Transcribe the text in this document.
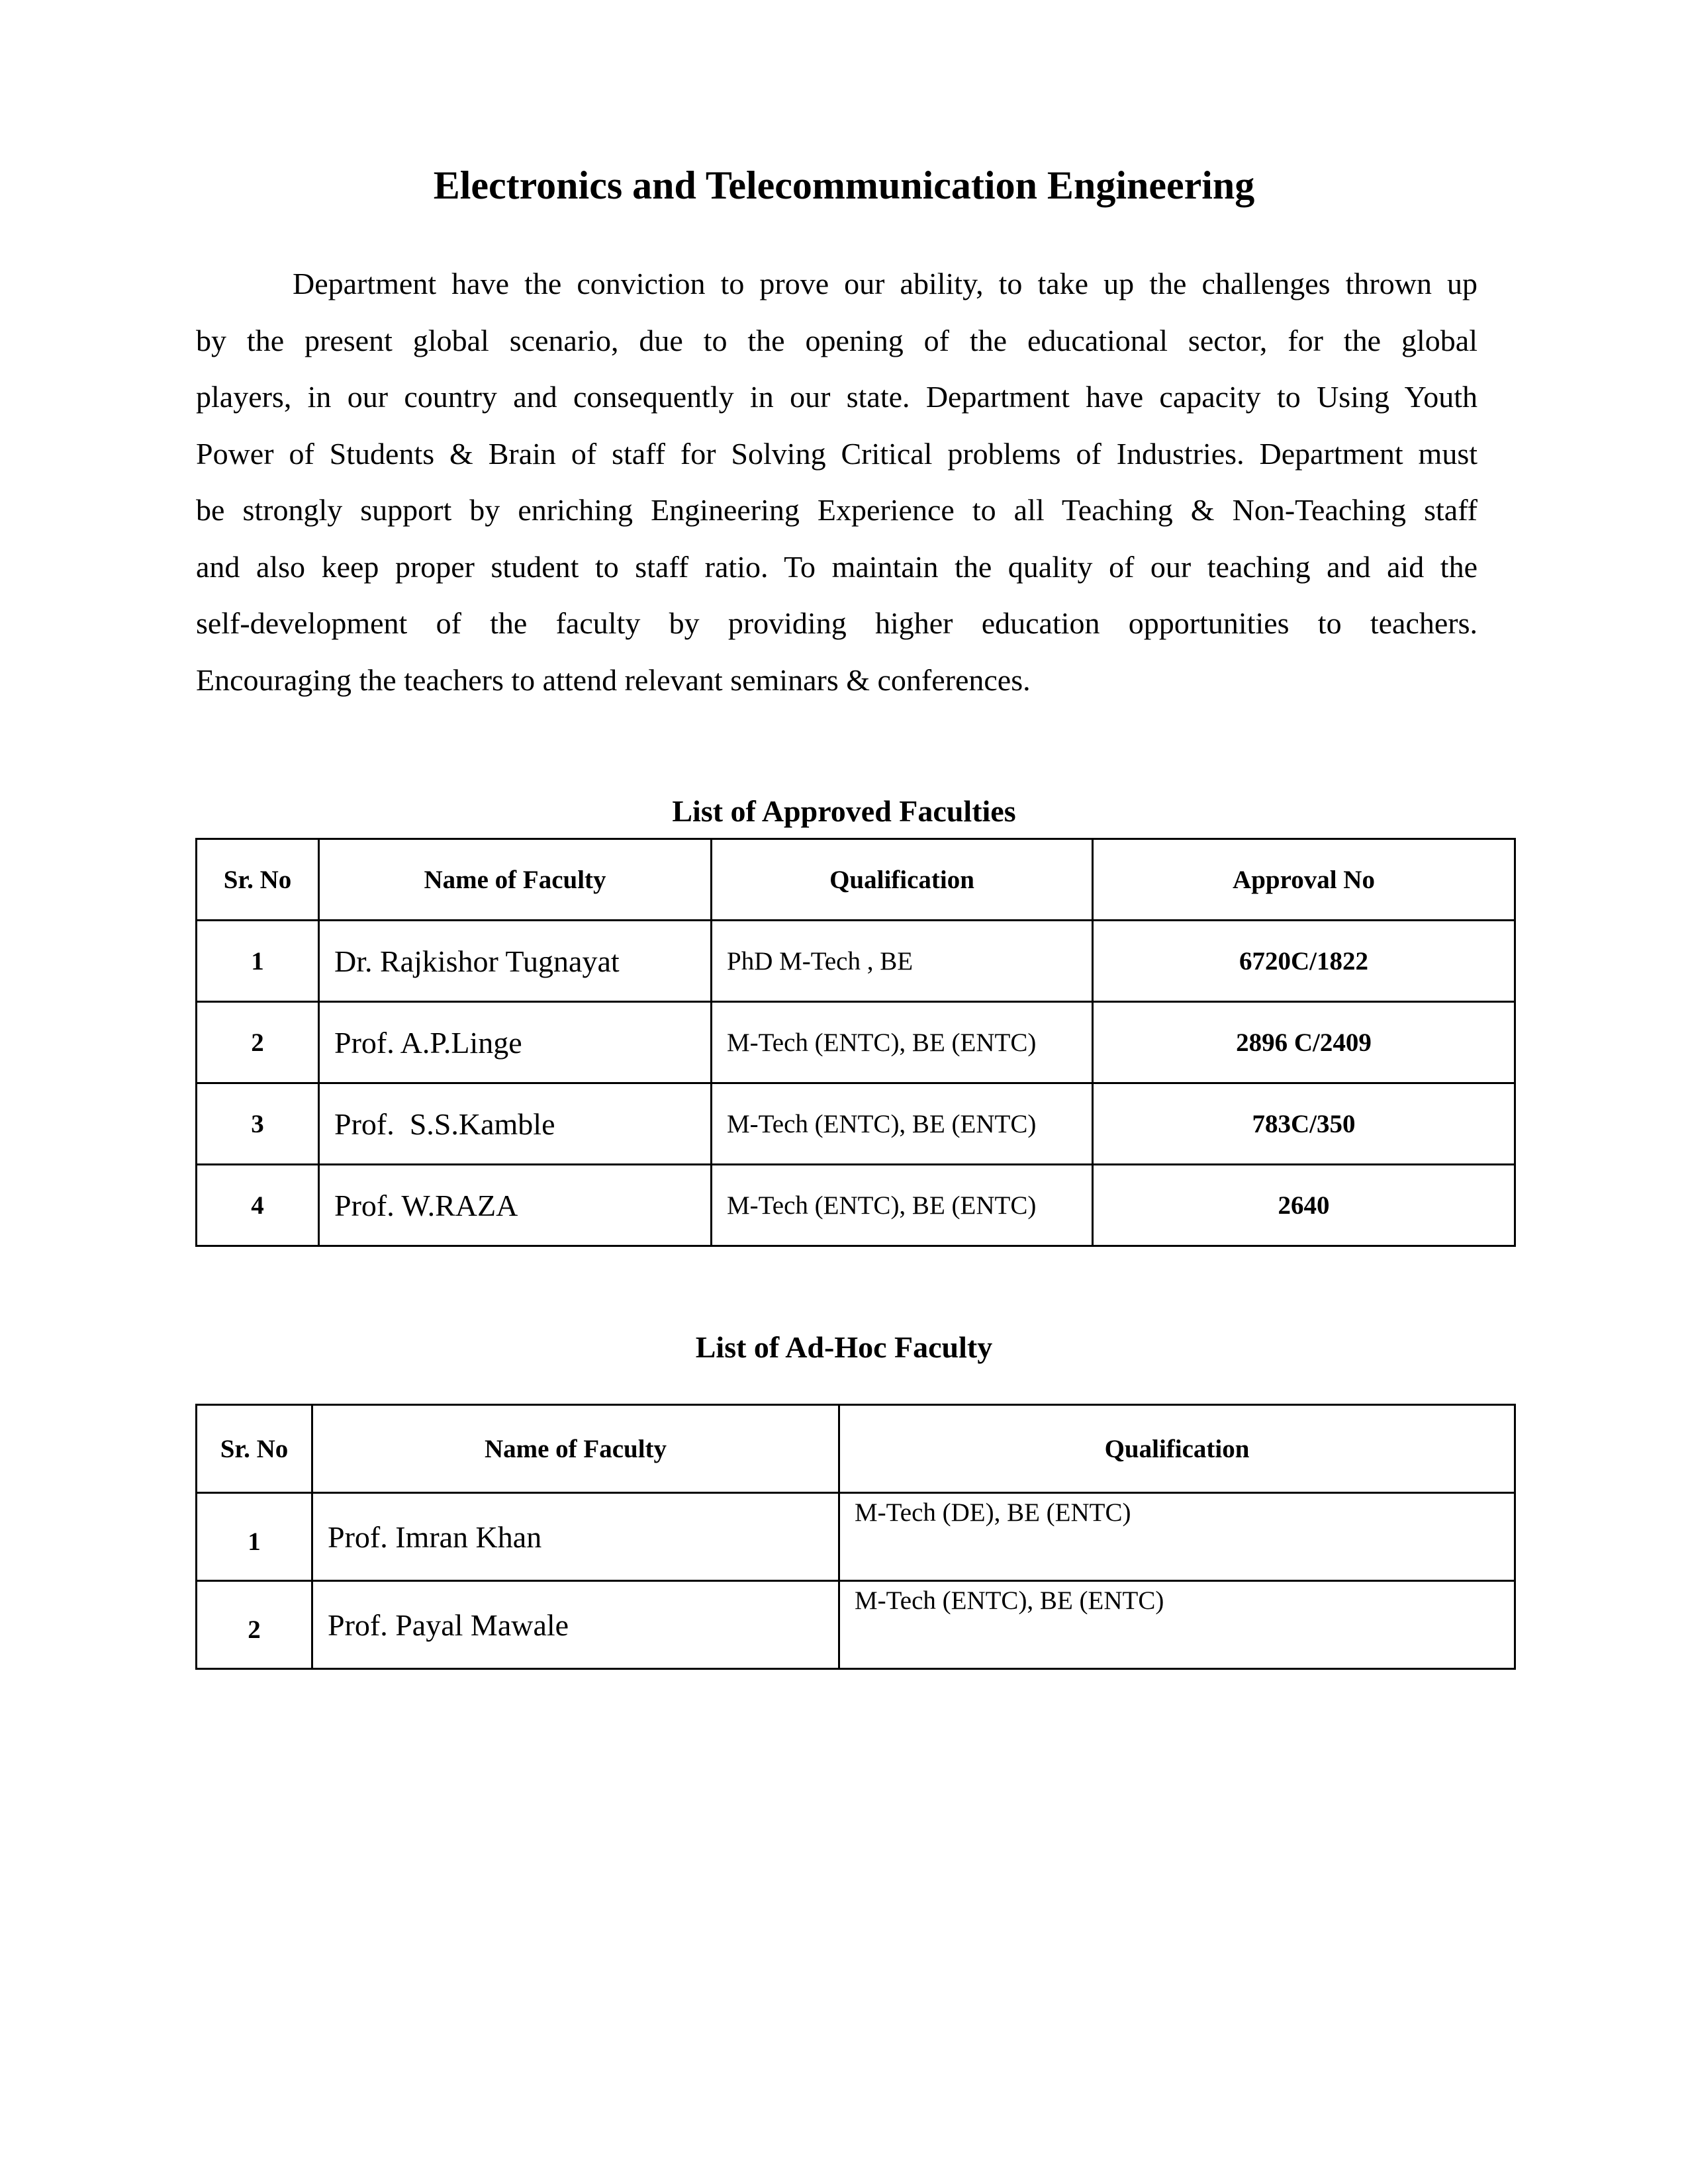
Electronics and Telecommunication Engineering
Department have the conviction to prove our ability, to take up the challenges thrown up
by the present global scenario, due to the opening of the educational sector, for the global
players, in our country and consequently in our state. Department have capacity to Using Youth
Power of Students & Brain of staff for Solving Critical problems of Industries. Department must
be strongly support by enriching Engineering Experience to all Teaching & Non-Teaching staff
and also keep proper student to staff ratio. To maintain the quality of our teaching and aid the
self-development of the faculty by providing higher education opportunities to teachers.
Encouraging the teachers to attend relevant seminars & conferences.
List of Approved Faculties
Sr. No	Name of Faculty	Qualification	Approval No
1	Dr. Rajkishor Tugnayat	PhD M-Tech , BE	6720C/1822
2	Prof. A.P.Linge	M-Tech (ENTC), BE (ENTC)	2896 C/2409
3	Prof.  S.S.Kamble	M-Tech (ENTC), BE (ENTC)	783C/350
4	Prof. W.RAZA	M-Tech (ENTC), BE (ENTC)	2640
List of Ad-Hoc Faculty
Sr. No	Name of Faculty	Qualification
1	Prof. Imran Khan	M-Tech (DE), BE (ENTC)
2	Prof. Payal Mawale	M-Tech (ENTC), BE (ENTC)
